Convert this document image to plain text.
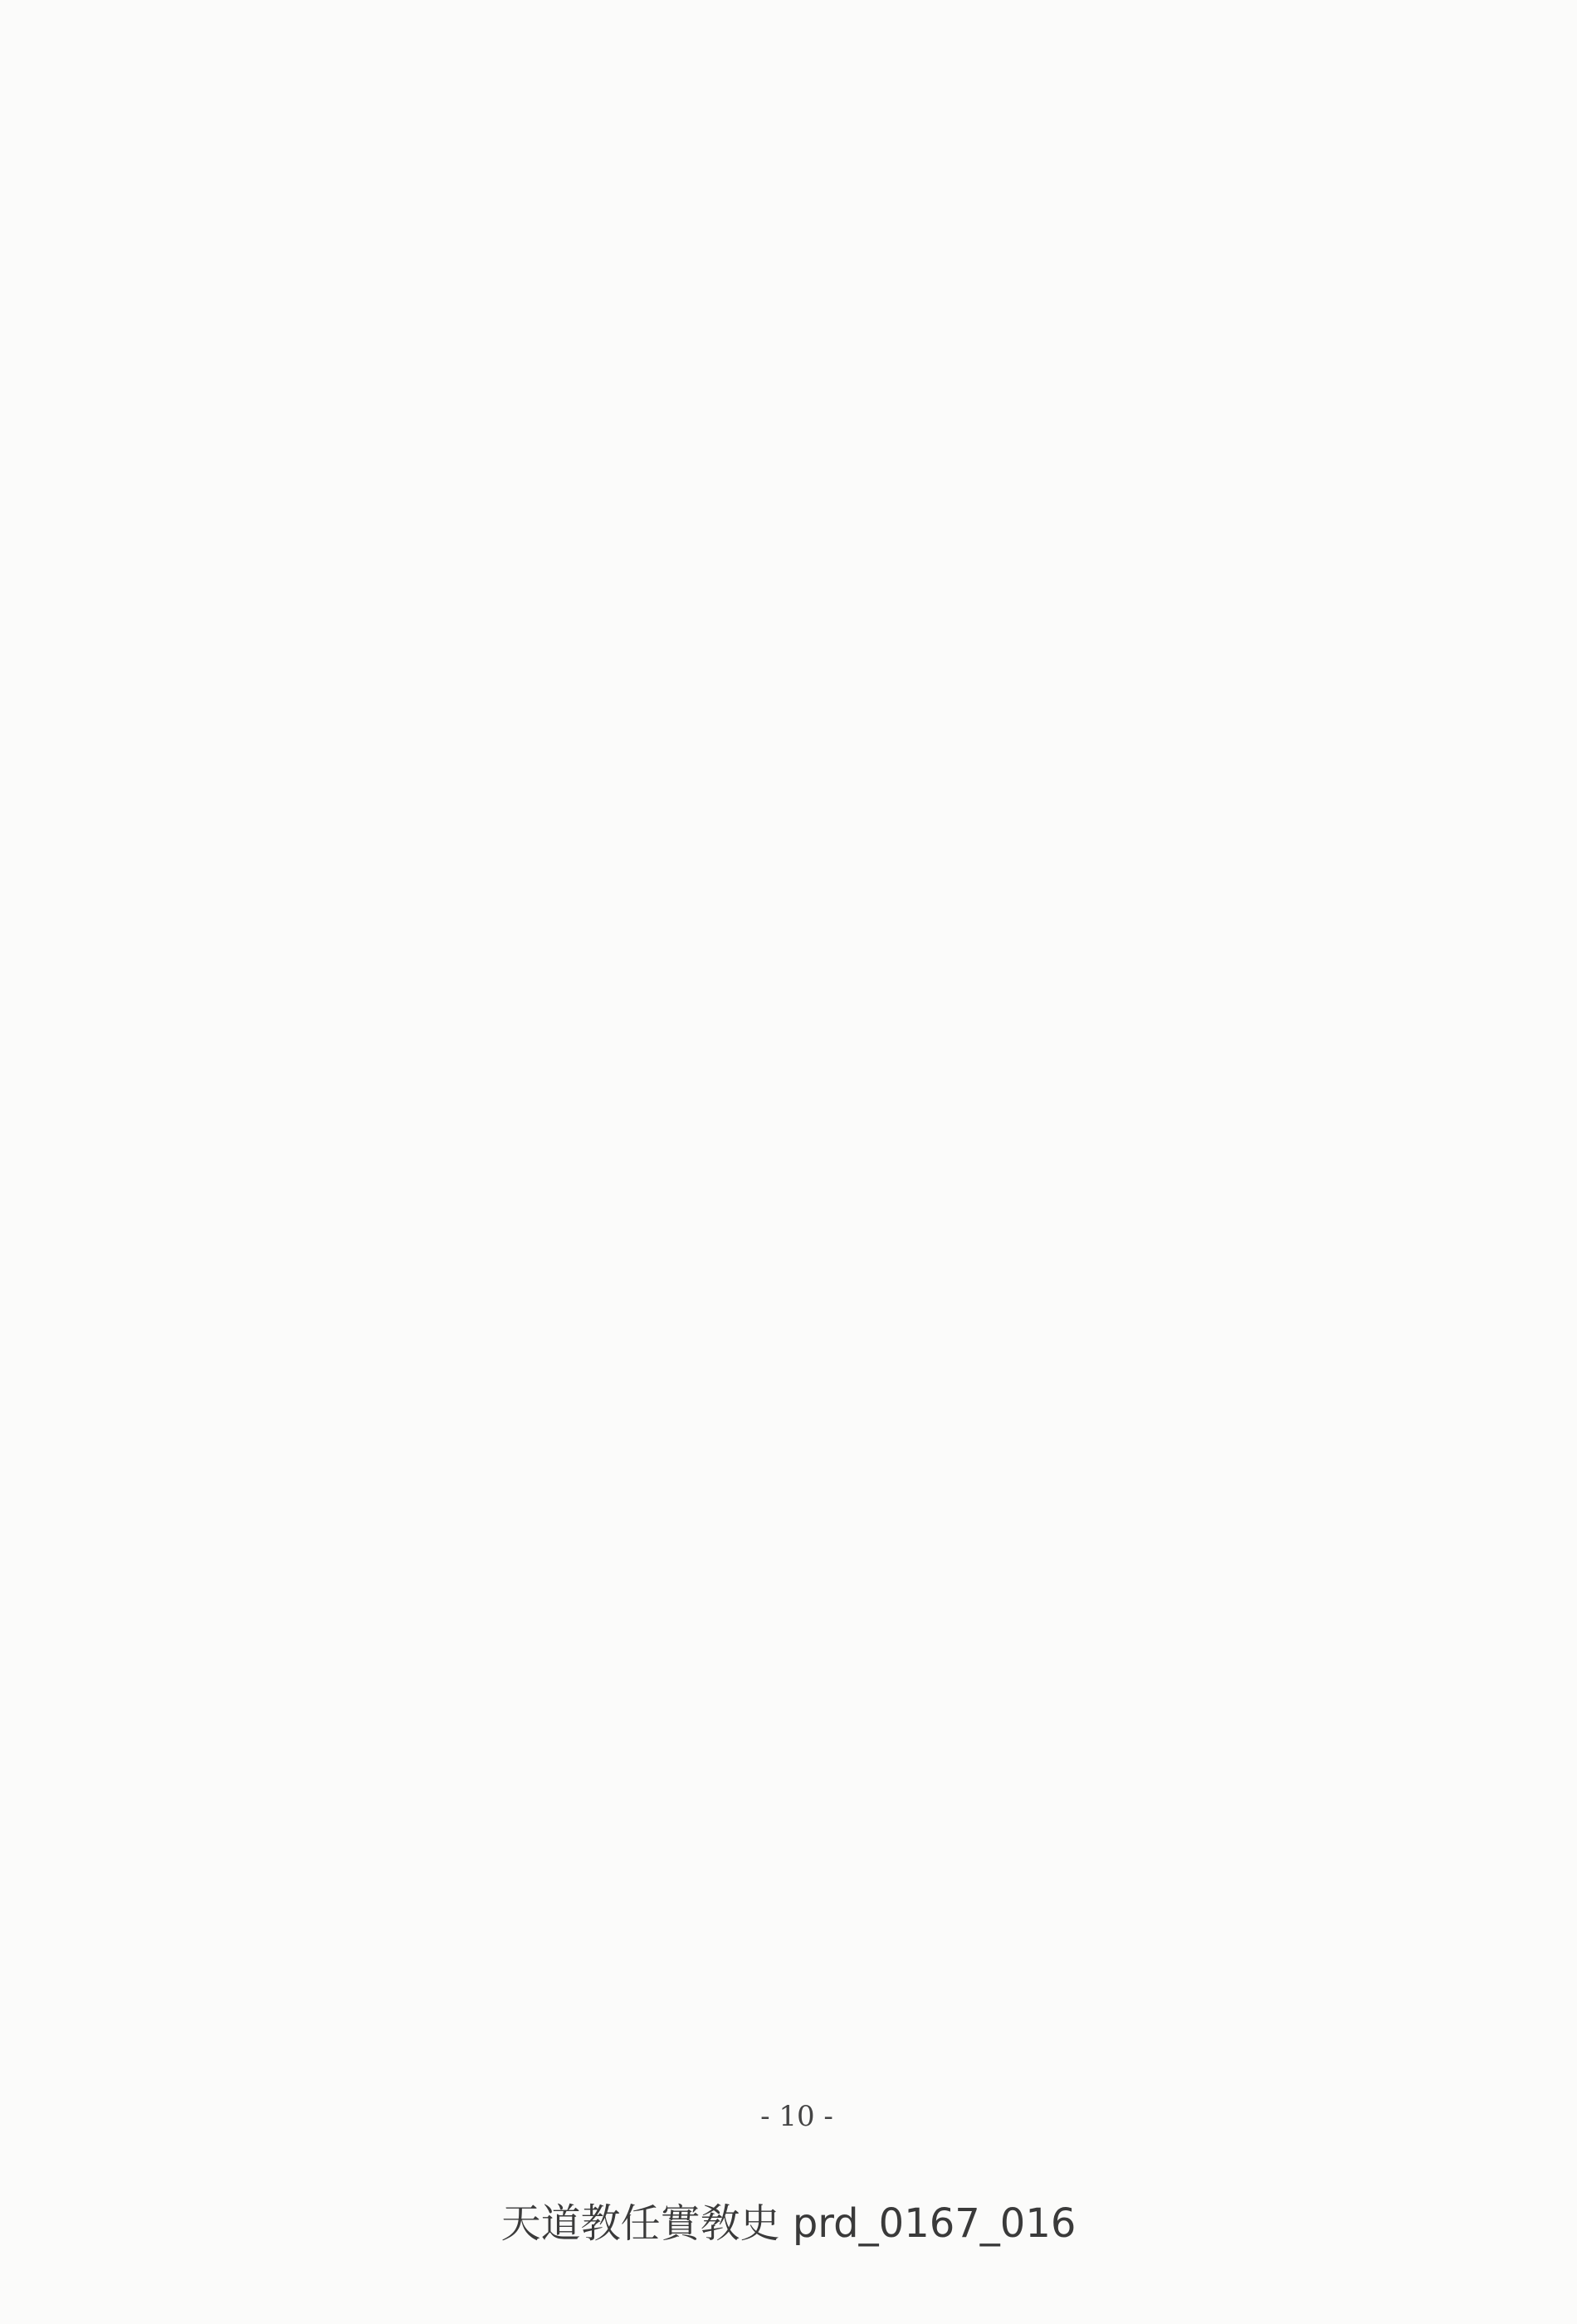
- 10 -
天道教任實敎史 prd_0167_016
